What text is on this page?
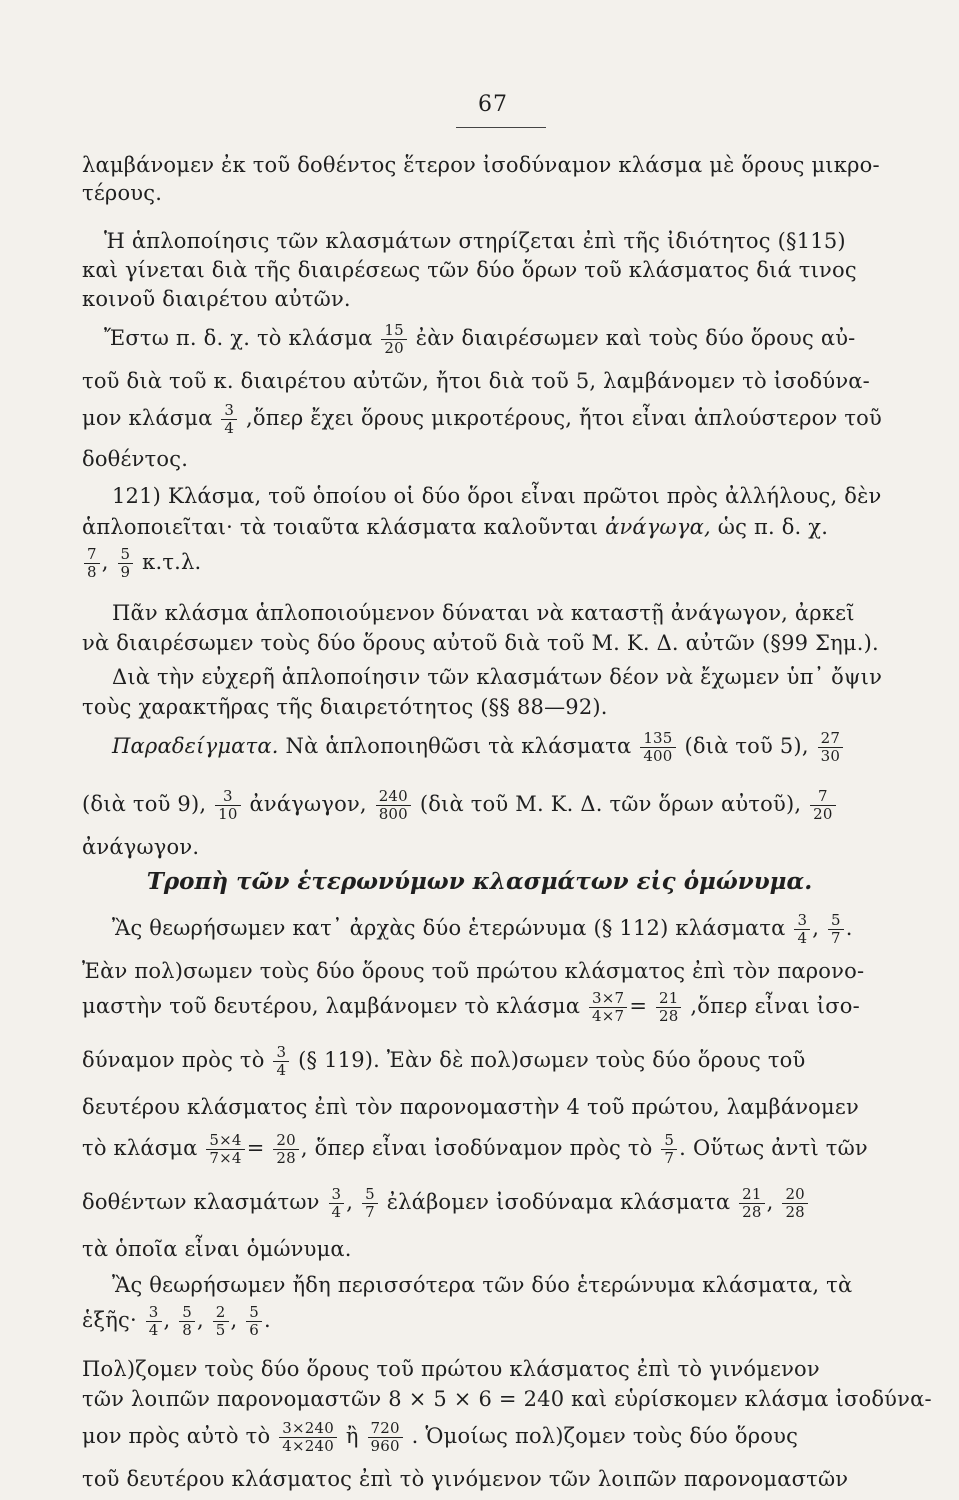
67
λαμβάνομεν ἐκ τοῦ δοθέντος ἕτερον ἰσοδύναμον κλάσμα μὲ ὅρους μικρο-
τέρους.
Ἡ ἁπλοποίησις τῶν κλασμάτων στηρίζεται ἐπὶ τῆς ἰδιότητος (§115)
καὶ γίνεται διὰ τῆς διαιρέσεως τῶν δύο ὅρων τοῦ κλάσματος διά τινος
κοινοῦ διαιρέτου αὐτῶν.
Ἔστω π. δ. χ. τὸ κλάσμα $\frac{15}{20}$ ἐὰν διαιρέσωμεν καὶ τοὺς δύο ὅρους αὐ-
τοῦ διὰ τοῦ κ. διαιρέτου αὐτῶν, ἤτοι διὰ τοῦ 5, λαμβάνομεν τὸ ἰσοδύνα-
μον κλάσμα $\frac{3}{4}$ ,ὅπερ ἔχει ὅρους μικροτέρους, ἤτοι εἶναι ἁπλούστερον τοῦ
δοθέντος.
121) Κλάσμα, τοῦ ὁποίου οἱ δύο ὅροι εἶναι πρῶτοι πρὸς ἀλλήλους, δὲν
ἁπλοποιεῖται· τὰ τοιαῦτα κλάσματα καλοῦνται ἀνάγωγα, ὡς π. δ. χ.
$\frac{7}{8}$ , $\frac{5}{9} \kappa.\tau.\lambda$.
Πᾶν κλάσμα ἁπλοποιούμενον δύναται νὰ καταστῇ ἀνάγωγον, ἀρκεῖ
νὰ διαιρέσωμεν τοὺς δύο ὅρους αὐτοῦ διὰ τοῦ Μ. Κ. Δ. αὐτῶν (§99 Σημ.).
Διὰ τὴν εὐχερῆ ἁπλοποίησιν τῶν κλασμάτων δέον νὰ ἔχωμεν ὑπ᾽ ὄψιν
τοὺς χαρακτῆρας τῆς διαιρετότητος (§§ 88—92).
Παραδείγματα. Νὰ ἁπλοποιηθῶσι τὰ κλάσματα $\frac{135}{400}$ (διὰ τοῦ 5), $\frac{27}{30}$
(διὰ τοῦ 9), $\frac{3}{10}$ ἀνάγωγον, $\frac{240}{800}$ (διὰ τοῦ Μ. Κ. Δ. τῶν ὅρων αὐτοῦ), $\frac{7}{20}$
ἀνάγωγον.
Τροπὴ τῶν ἑτερωνύμων κλασμάτων εἰς ὁμώνυμα.
Ἂς θεωρήσωμεν κατ᾽ ἀρχὰς δύο ἑτερώνυμα (§ 112) κλάσματα $\frac{3}{4}$ , $\frac{5}{7}$ .
Ἐὰν πολ)σωμεν τοὺς δύο ὅρους τοῦ πρώτου κλάσματος ἐπὶ τὸν παρονο-
μαστὴν τοῦ δευτέρου, λαμβάνομεν τὸ κλάσμα $\frac{3\times 7}{4\times 7} = \frac{21}{28}$ ,ὅπερ εἶναι ἰσο-
δύναμον πρὸς τὸ $\frac{3}{4}$ (§ 119). Ἐὰν δὲ πολ)σωμεν τοὺς δύο ὅρους τοῦ
δευτέρου κλάσματος ἐπὶ τὸν παρονομαστὴν 4 τοῦ πρώτου, λαμβάνομεν
τὸ κλάσμα $\frac{5\times 4}{7\times 4} = \frac{20}{28}$ , ὅπερ εἶναι ἰσοδύναμον πρὸς τὸ $\frac{5}{7}$ . Οὕτως ἀντὶ τῶν
δοθέντων κλασμάτων $\frac{3}{4}$ , $\frac{5}{7}$ ἐλάβομεν ἰσοδύναμα κλάσματα $\frac{21}{28}$ , $\frac{20}{28}$
τὰ ὁποῖα εἶναι ὁμώνυμα.
Ἂς θεωρήσωμεν ἤδη περισσότερα τῶν δύο ἑτερώνυμα κλάσματα, τὰ
ἑξῆς· $\frac{3}{4}$ , $\frac{5}{8}$ , $\frac{2}{5}$ , $\frac{5}{6}$ .
Πολ)ζομεν τοὺς δύο ὅρους τοῦ πρώτου κλάσματος ἐπὶ τὸ γινόμενον
τῶν λοιπῶν παρονομαστῶν 8 × 5 × 6 = 240 καὶ εὑρίσκομεν κλάσμα ἰσοδύνα-
μον πρὸς αὐτὸ τὸ $\frac{3\times 240}{4\times 240}$ ἢ $\frac{720}{960}$ . Ὁμοίως πολ)ζομεν τοὺς δύο ὅρους
τοῦ δευτέρου κλάσματος ἐπὶ τὸ γινόμενον τῶν λοιπῶν παρονομαστῶν
